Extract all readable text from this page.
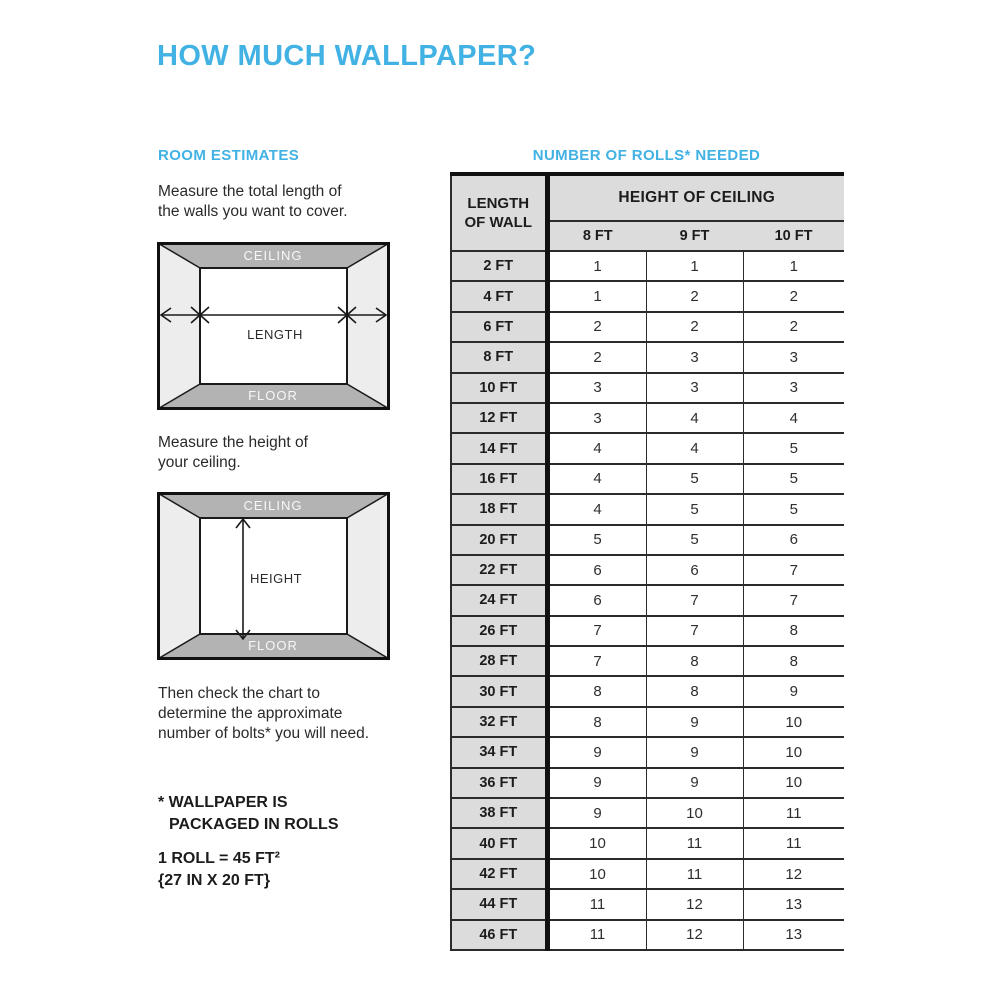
HOW MUCH WALLPAPER?
ROOM ESTIMATES
Measure the total length of
the walls you want to cover.
CEILING
FLOOR
LENGTH
Measure the height of
your ceiling.
CEILING
FLOOR
HEIGHT
Then check the chart to
determine the approximate
number of bolts* you will need.
* WALLPAPER IS
PACKAGED IN ROLLS
1 ROLL = 45 FT²
{27 IN X 20 FT}
NUMBER OF ROLLS* NEEDED
LENGTH
OF WALL	HEIGHT OF CEILING		
	8 FT	9 FT	10 FT
2 FT	1	1	1
4 FT	1	2	2
6 FT	2	2	2
8 FT	2	3	3
10 FT	3	3	3
12 FT	3	4	4
14 FT	4	4	5
16 FT	4	5	5
18 FT	4	5	5
20 FT	5	5	6
22 FT	6	6	7
24 FT	6	7	7
26 FT	7	7	8
28 FT	7	8	8
30 FT	8	8	9
32 FT	8	9	10
34 FT	9	9	10
36 FT	9	9	10
38 FT	9	10	11
40 FT	10	11	11
42 FT	10	11	12
44 FT	11	12	13
46 FT	11	12	13
